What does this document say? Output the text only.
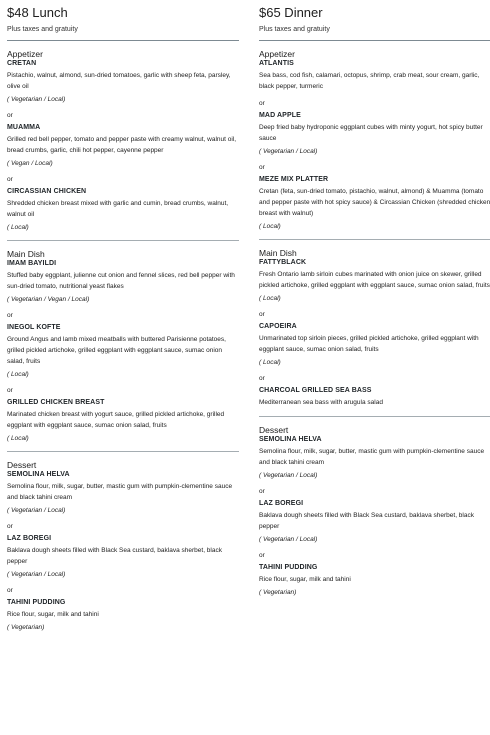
$48 Lunch
Plus taxes and gratuity
Appetizer
CRETAN
Pistachio, walnut, almond, sun-dried tomatoes, garlic with sheep feta, parsley, olive oil
( Vegetarian / Local)
or
MUAMMA
Grilled red bell pepper, tomato and pepper paste with creamy walnut, walnut oil, bread crumbs, garlic, chili hot pepper, cayenne pepper
( Vegan / Local)
or
CIRCASSIAN CHICKEN
Shredded chicken breast mixed with garlic and cumin, bread crumbs, walnut, walnut oil
( Local)
Main Dish
IMAM BAYILDI
Stuffed baby eggplant, julienne cut onion and fennel slices, red bell pepper with sun-dried tomato, nutritional yeast flakes
( Vegetarian / Vegan / Local)
or
INEGOL KOFTE
Ground Angus and lamb mixed meatballs with buttered Parisienne potatoes, grilled pickled artichoke, grilled eggplant with eggplant sauce, sumac onion salad, fruits
( Local)
or
GRILLED CHICKEN BREAST
Marinated chicken breast with yogurt sauce, grilled pickled artichoke, grilled eggplant with eggplant sauce, sumac onion salad, fruits
( Local)
Dessert
SEMOLINA HELVA
Semolina flour, milk, sugar, butter, mastic gum with pumpkin-clementine sauce and black tahini cream
( Vegetarian / Local)
or
LAZ BOREGI
Baklava dough sheets filled with Black Sea custard, baklava sherbet, black pepper
( Vegetarian / Local)
or
TAHINI PUDDING
Rice flour, sugar, milk and tahini
( Vegetarian)
$65 Dinner
Plus taxes and gratuity
Appetizer
ATLANTIS
Sea bass, cod fish, calamari, octopus, shrimp, crab meat, sour cream, garlic, black pepper, turmeric
or
MAD APPLE
Deep fried baby hydroponic eggplant cubes with minty yogurt, hot spicy butter sauce
( Vegetarian / Local)
or
MEZE MIX PLATTER
Cretan (feta, sun-dried tomato, pistachio, walnut, almond) & Muamma (tomato and pepper paste with hot spicy sauce) & Circassian Chicken (shredded chicken breast with walnut)
( Local)
Main Dish
FATTYBLACK
Fresh Ontario lamb sirloin cubes marinated with onion juice on skewer, grilled pickled artichoke, grilled eggplant with eggplant sauce, sumac onion salad, fruits
( Local)
or
CAPOEIRA
Unmarinated top sirloin pieces, grilled pickled artichoke, grilled eggplant with eggplant sauce, sumac onion salad, fruits
( Local)
or
CHARCOAL GRILLED SEA BASS
Mediterranean sea bass with arugula salad
Dessert
SEMOLINA HELVA
Semolina flour, milk, sugar, butter, mastic gum with pumpkin-clementine sauce and black tahini cream
( Vegetarian / Local)
or
LAZ BOREGI
Baklava dough sheets filled with Black Sea custard, baklava sherbet, black pepper
( Vegetarian / Local)
or
TAHINI PUDDING
Rice flour, sugar, milk and tahini
( Vegetarian)
